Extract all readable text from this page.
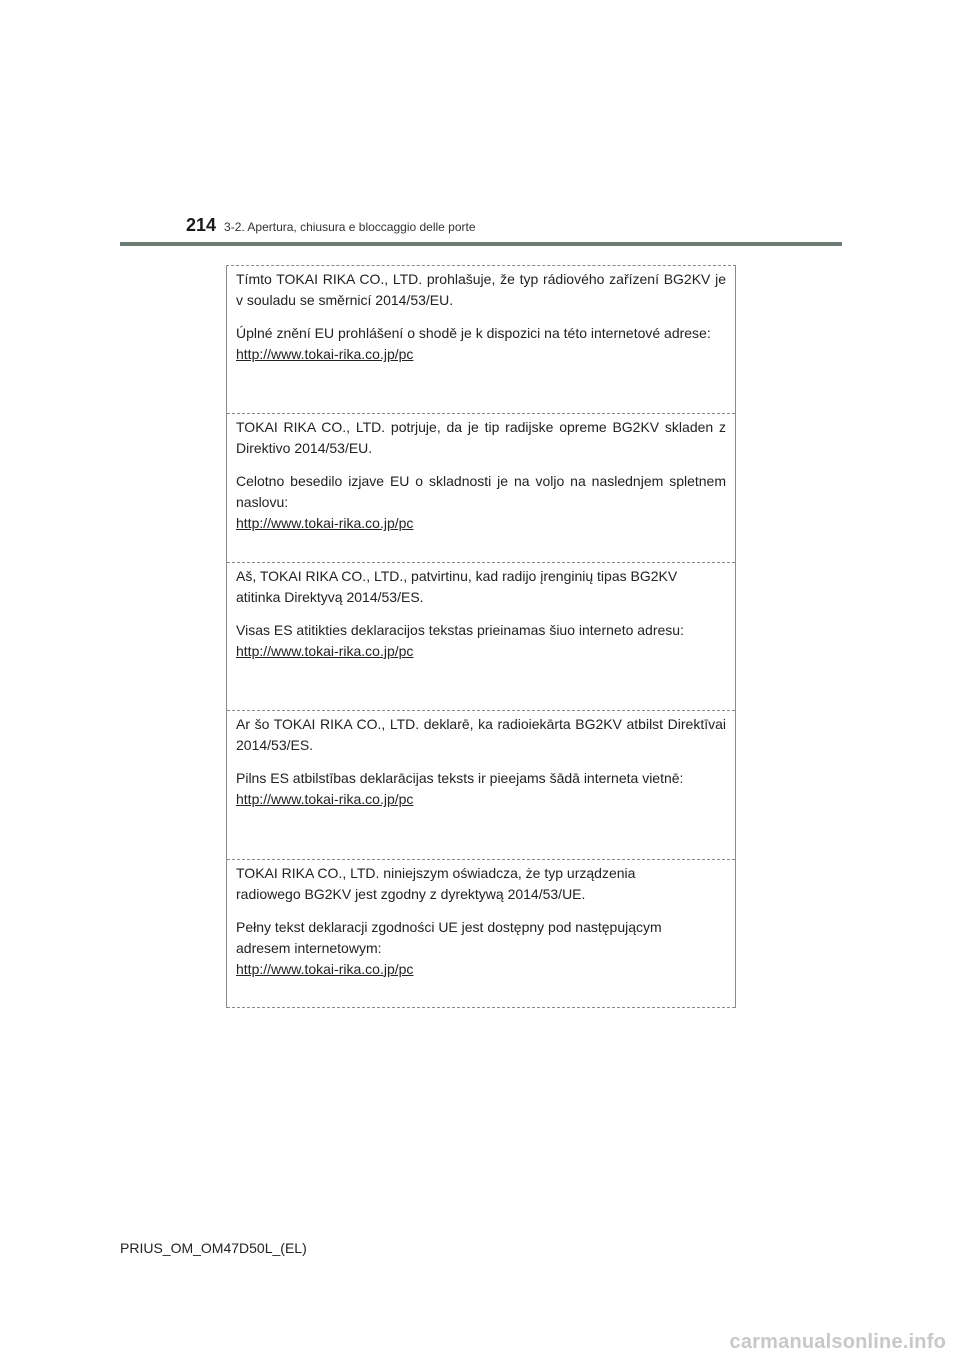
214 3-2. Apertura, chiusura e bloccaggio delle porte

Tímto TOKAI RIKA CO., LTD. prohlašuje, že typ rádiového zařízení BG2KV je v souladu se směrnicí 2014/53/EU.

Úplné znění EU prohlášení o shodě je k dispozici na této internetové adrese:

http://www.tokai-rika.co.jp/pc

TOKAI RIKA CO., LTD. potrjuje, da je tip radijske opreme BG2KV skladen z Direktivo 2014/53/EU.

Celotno besedilo izjave EU o skladnosti je na voljo na naslednjem spletnem naslovu:

http://www.tokai-rika.co.jp/pc

Aš, TOKAI RIKA CO., LTD., patvirtinu, kad radijo įrenginių tipas BG2KV atitinka Direktyvą 2014/53/ES.

Visas ES atitikties deklaracijos tekstas prieinamas šiuo interneto adresu:

http://www.tokai-rika.co.jp/pc

Ar šo TOKAI RIKA CO., LTD. deklarē, ka radioiekārta BG2KV atbilst Direktīvai 2014/53/ES.

Pilns ES atbilstības deklarācijas teksts ir pieejams šādā interneta vietnē:

http://www.tokai-rika.co.jp/pc

TOKAI RIKA CO., LTD. niniejszym oświadcza, że typ urządzenia radiowego BG2KV jest zgodny z dyrektywą 2014/53/UE.

Pełny tekst deklaracji zgodności UE jest dostępny pod następującym adresem internetowym:

http://www.tokai-rika.co.jp/pc
PRIUS_OM_OM47D50L_(EL)
carmanualsonline.info
